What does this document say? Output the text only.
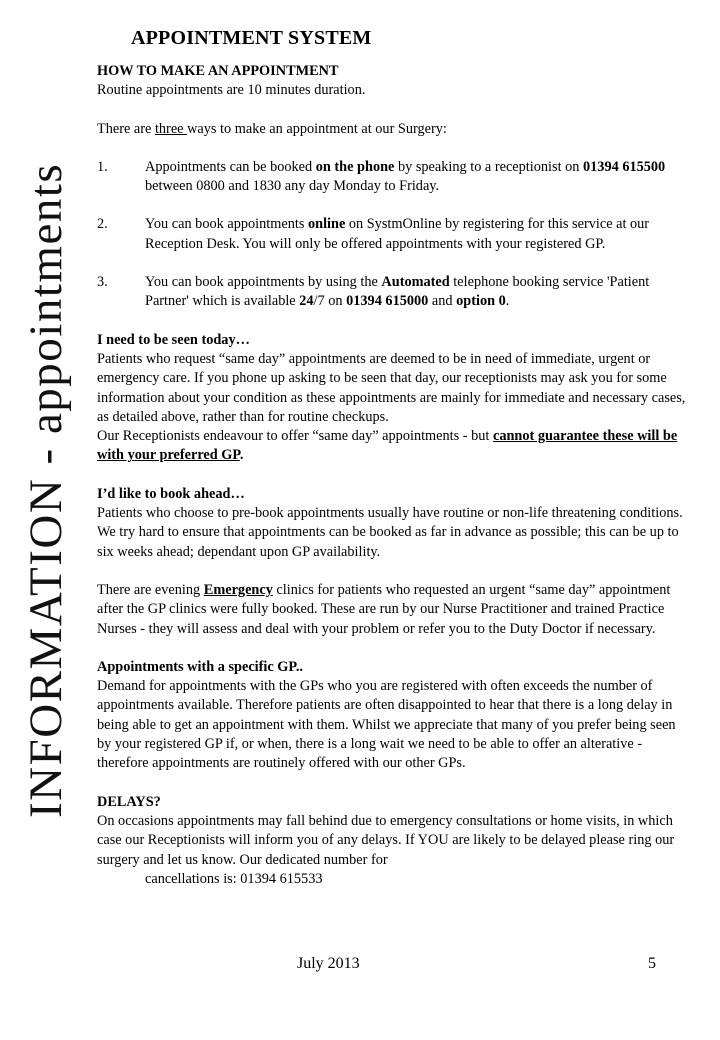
INFORMATION - appointments
APPOINTMENT SYSTEM

HOW TO MAKE AN APPOINTMENT

Routine appointments are 10 minutes duration.

There are three ways to make an appointment at our Surgery:

1.	Appointments can be booked on the phone by speaking to a receptionist on 01394 615500 between 0800 and 1830 any day Monday to Friday.
2.	You can book appointments online on SystmOnline by registering for this service at our Reception Desk. You will only be offered appointments with your registered GP.
3.	You can book appointments by using the Automated telephone booking service 'Patient Partner' which is available 24/7 on 01394 615000 and option 0.

I need to be seen today…

Patients who request “same day” appointments are deemed to be in need of immediate, urgent or emergency care. If you phone up asking to be seen that day, our receptionists may ask you for some information about your condition as these appointments are mainly for immediate and necessary cases, as detailed above, rather than for routine checkups.

Our Receptionists endeavour to offer “same day” appointments - but cannot guarantee these will be with your preferred GP.

I’d like to book ahead…

Patients who choose to pre-book appointments usually have routine or non-life threatening conditions. We try hard to ensure that appointments can be booked as far in advance as possible; this can be up to six weeks ahead; dependant upon GP availability.

There are evening Emergency clinics for patients who requested an urgent “same day” appointment after the GP clinics were fully booked. These are run by our Nurse Practitioner and trained Practice Nurses - they will assess and deal with your problem or refer you to the Duty Doctor if necessary.

Appointments with a specific GP..

Demand for appointments with the GPs who you are registered with often exceeds the number of appointments available. Therefore patients are often disappointed to hear that there is a long delay in being able to get an appointment with them. Whilst we appreciate that many of you prefer being seen by your registered GP if, or when, there is a long wait we need to be able to offer an alterative - therefore appointments are routinely offered with our other GPs.

DELAYS?

On occasions appointments may fall behind due to emergency consultations or home visits, in which case our Receptionists will inform you of any delays. If YOU are likely to be delayed please ring our surgery and let us know. Our dedicated number for

cancellations is: 01394 615533

July 2013	5
